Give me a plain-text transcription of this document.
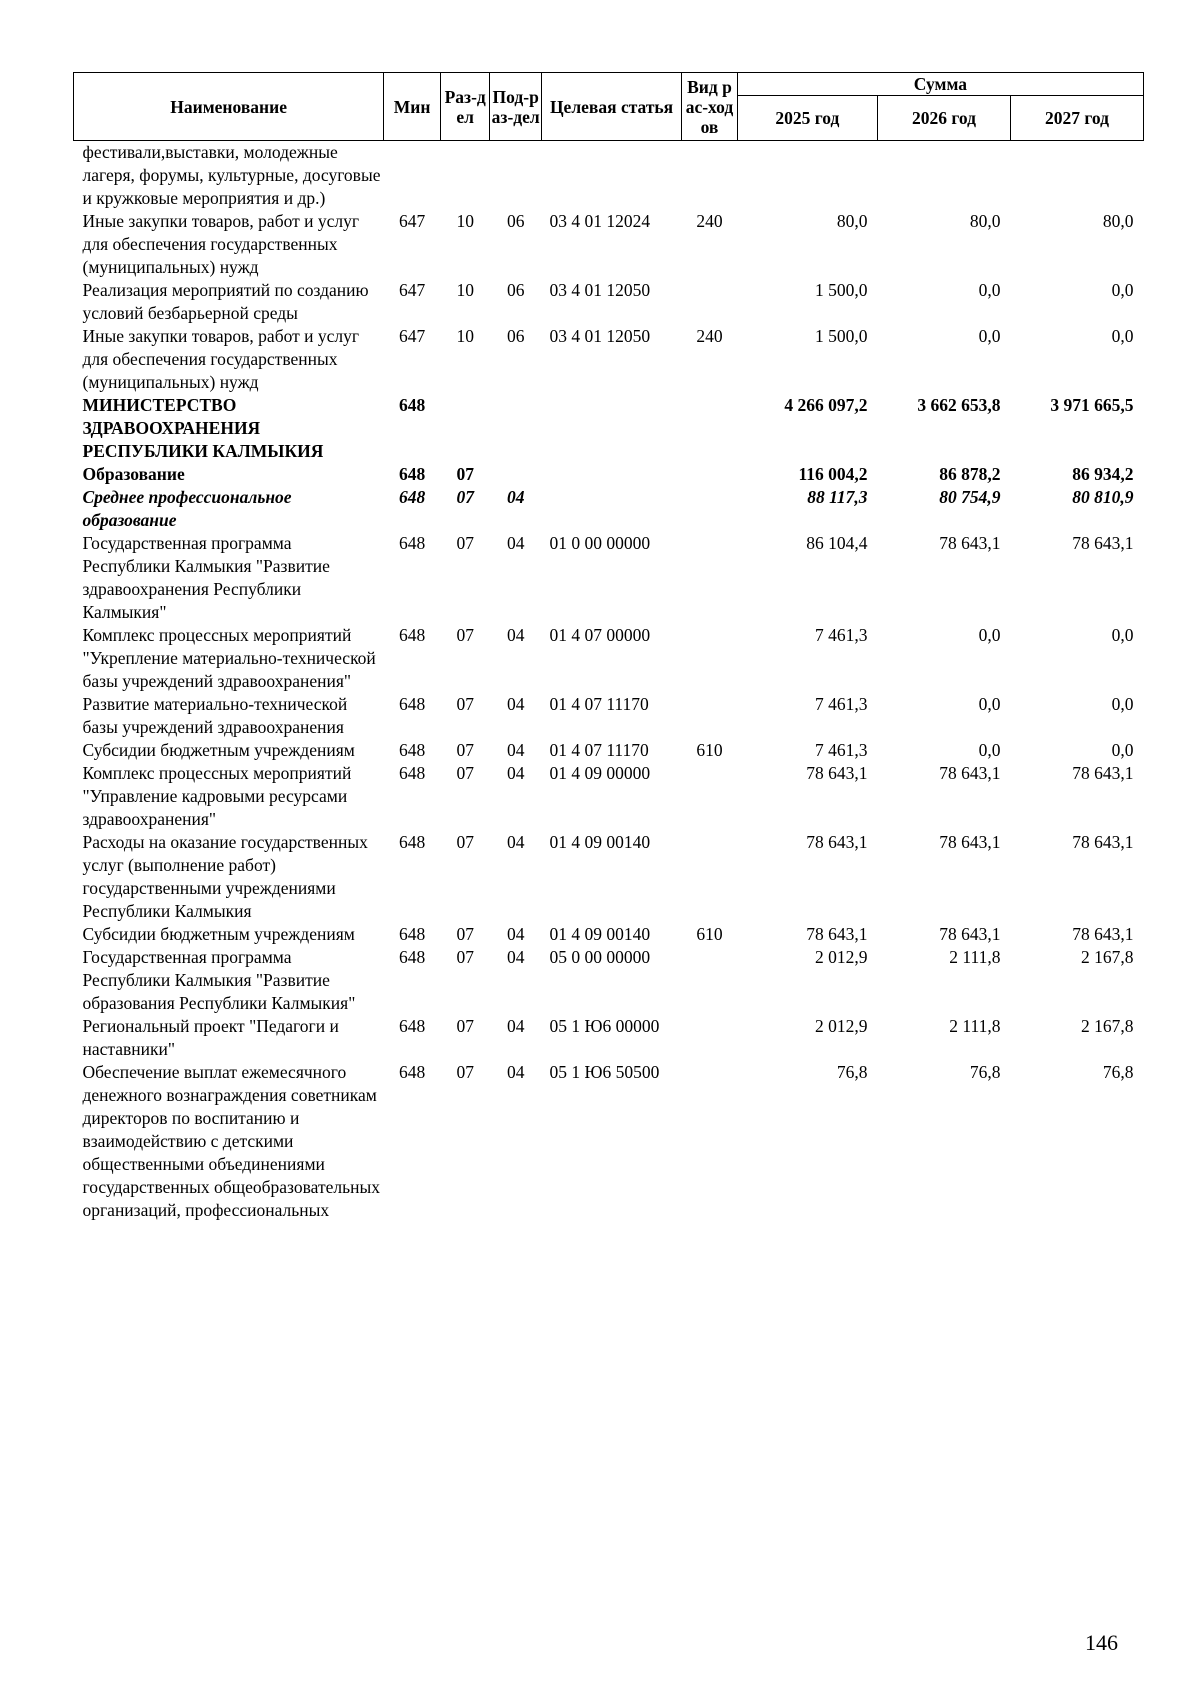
Наименование	Мин	Раз-дел	Под-раз-дел	Целевая статья	Вид рас-ходов	Сумма		
						2025 год	2026 год	2027 год
фестивали,выставки, молодежные лагеря, форумы, культурные, досуговые и кружковые мероприятия и др.)								
Иные закупки товаров, работ и услуг для обеспечения государственных (муниципальных) нужд	647	10	06	03 4 01 12024	240	80,0	80,0	80,0
Реализация мероприятий по созданию условий безбарьерной среды	647	10	06	03 4 01 12050		1 500,0	0,0	0,0
Иные закупки товаров, работ и услуг для обеспечения государственных (муниципальных) нужд	647	10	06	03 4 01 12050	240	1 500,0	0,0	0,0
МИНИСТЕРСТВО ЗДРАВООХРАНЕНИЯ РЕСПУБЛИКИ КАЛМЫКИЯ	648					4 266 097,2	3 662 653,8	3 971 665,5
Образование	648	07				116 004,2	86 878,2	86 934,2
Среднее профессиональное образование	648	07	04			88 117,3	80 754,9	80 810,9
Государственная программа Республики Калмыкия "Развитие здравоохранения Республики Калмыкия"	648	07	04	01 0 00 00000		86 104,4	78 643,1	78 643,1
Комплекс процессных мероприятий "Укрепление материально-технической базы учреждений здравоохранения"	648	07	04	01 4 07 00000		7 461,3	0,0	0,0
Развитие материально-технической базы учреждений здравоохранения	648	07	04	01 4 07 11170		7 461,3	0,0	0,0
Субсидии бюджетным учреждениям	648	07	04	01 4 07 11170	610	7 461,3	0,0	0,0
Комплекс процессных мероприятий "Управление кадровыми ресурсами здравоохранения"	648	07	04	01 4 09 00000		78 643,1	78 643,1	78 643,1
Расходы на оказание государственных услуг (выполнение работ) государственными учреждениями Республики Калмыкия	648	07	04	01 4 09 00140		78 643,1	78 643,1	78 643,1
Субсидии бюджетным учреждениям	648	07	04	01 4 09 00140	610	78 643,1	78 643,1	78 643,1
Государственная программа Республики Калмыкия "Развитие образования Республики Калмыкия"	648	07	04	05 0 00 00000		2 012,9	2 111,8	2 167,8
Региональный проект "Педагоги и наставники"	648	07	04	05 1 Ю6 00000		2 012,9	2 111,8	2 167,8
Обеспечение выплат ежемесячного денежного вознаграждения советникам директоров по воспитанию и взаимодействию с детскими общественными объединениями государственных общеобразовательных организаций, профессиональных	648	07	04	05 1 Ю6 50500		76,8	76,8	76,8
146
